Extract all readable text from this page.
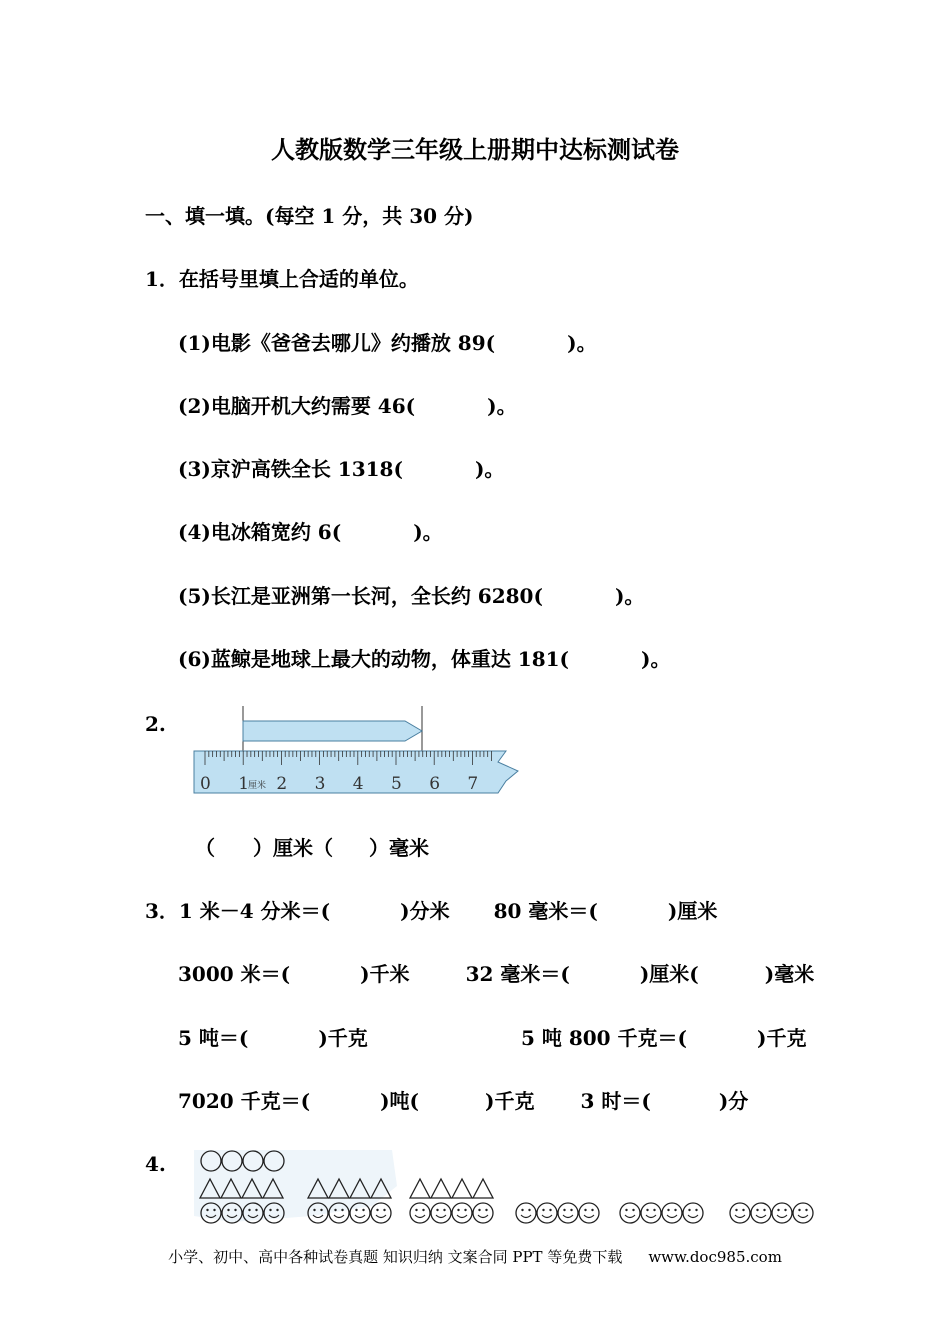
人教版数学三年级上册期中达标测试卷
一、填一填。(每空 1 分，共 30 分)
1．在括号里填上合适的单位。
(1)电影《爸爸去哪儿》约播放 89(	)。
(2)电脑开机大约需要 46(	)。
(3)京沪高铁全长 1318(	)。
(4)电冰箱宽约 6(	)。
(5)长江是亚洲第一长河，全长约 6280(	)。
(6)蓝鲸是地球上最大的动物，体重达 181(	)。
2.
0 1 2 3 4 5 6 7
厘米
（ ）厘米（ ）毫米
3．1 米－4 分米＝(	)分米 80 毫米＝(	)厘米
3000 米＝(	)千米	32 毫米＝(	)厘米(	)毫米
5 吨＝(	)千克	5 吨 800 千克＝(	)千克
7020 千克＝(	)吨(	)千克 3 时＝(	)分
4.
小学、初中、高中各种试卷真题 知识归纳 文案合同 PPT 等免费下载 www.doc985.com
